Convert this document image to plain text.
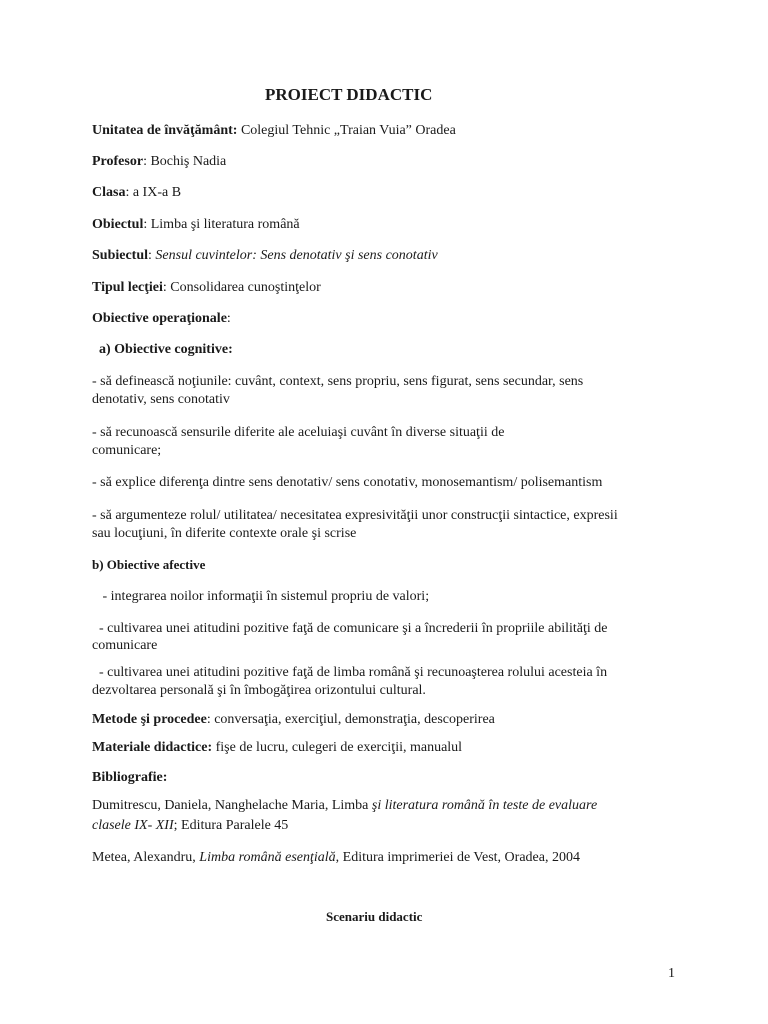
PROIECT DIDACTIC
Unitatea de învăţământ: Colegiul Tehnic „Traian Vuia” Oradea
Profesor: Bochiş Nadia
Clasa: a IX-a B
Obiectul: Limba şi literatura română
Subiectul: Sensul cuvintelor: Sens denotativ şi sens conotativ
Tipul lecţiei: Consolidarea cunoştinţelor
Obiective operaţionale:
a) Obiective cognitive:
- să definească noţiunile: cuvânt, context, sens propriu, sens figurat, sens secundar, sens
denotativ, sens conotativ
- să recunoască sensurile diferite ale aceluiaşi cuvânt în diverse situaţii de
comunicare;
- să explice diferenţa dintre sens denotativ/ sens conotativ, monosemantism/ polisemantism
- să argumenteze rolul/ utilitatea/ necesitatea expresivităţii unor construcţii sintactice, expresii
sau locuţiuni, în diferite contexte orale şi scrise
b) Obiective afective
- integrarea noilor informaţii în sistemul propriu de valori;
- cultivarea unei atitudini pozitive faţă de comunicare şi a încrederii în propriile abilităţi de
comunicare
- cultivarea unei atitudini pozitive faţă de limba română şi recunoaşterea rolului acesteia în
dezvoltarea personală şi în îmbogăţirea orizontului cultural.
Metode şi procedee: conversaţia, exerciţiul, demonstraţia, descoperirea
Materiale didactice: fişe de lucru, culegeri de exerciţii, manualul
Bibliografie:
Dumitrescu, Daniela, Nanghelache Maria, Limba şi literatura română în teste de evaluare
clasele IX- XII; Editura Paralele 45
Metea, Alexandru, Limba română esenţială, Editura imprimeriei de Vest, Oradea, 2004
Scenariu didactic
1
